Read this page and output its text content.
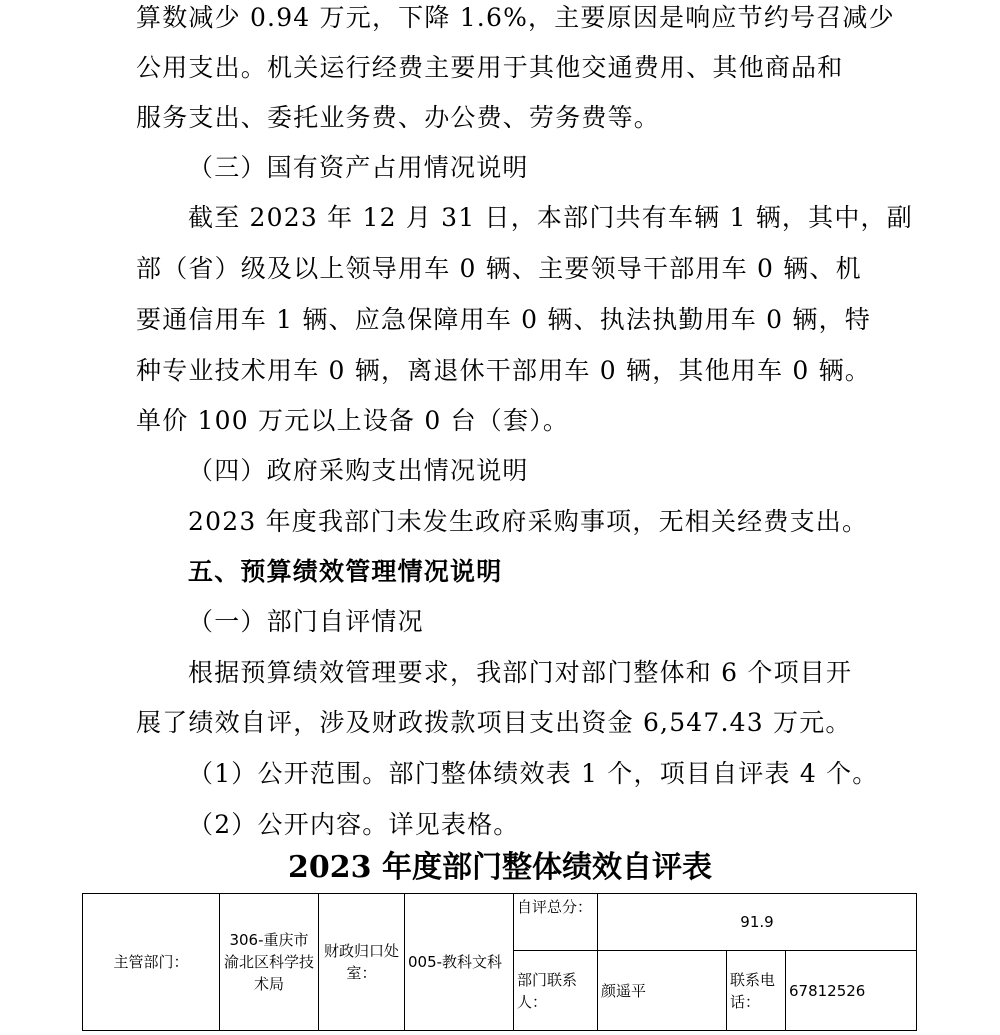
算数减少 0.94 万元，下降 1.6%，主要原因是响应节约号召减少
公用支出。机关运行经费主要用于其他交通费用、其他商品和
服务支出、委托业务费、办公费、劳务费等。
（三）国有资产占用情况说明
截至 2023 年 12 月 31 日，本部门共有车辆 1 辆，其中，副
部（省）级及以上领导用车 0 辆、主要领导干部用车 0 辆、机
要通信用车 1 辆、应急保障用车 0 辆、执法执勤用车 0 辆，特
种专业技术用车 0 辆，离退休干部用车 0 辆，其他用车 0 辆。
单价 100 万元以上设备 0 台（套）。
（四）政府采购支出情况说明
2023 年度我部门未发生政府采购事项，无相关经费支出。
五、预算绩效管理情况说明
（一）部门自评情况
根据预算绩效管理要求，我部门对部门整体和 6 个项目开
展了绩效自评，涉及财政拨款项目支出资金 6,547.43 万元。
（1）公开范围。部门整体绩效表 1 个，项目自评表 4 个。
（2）公开内容。详见表格。
2023 年度部门整体绩效自评表
主管部门：	306-重庆市渝北区科学技术局	财政归口处室：	005-教科文科	自评总分：	91.9		
				部门联系人：	颜遥平	联系电话：	67812526
